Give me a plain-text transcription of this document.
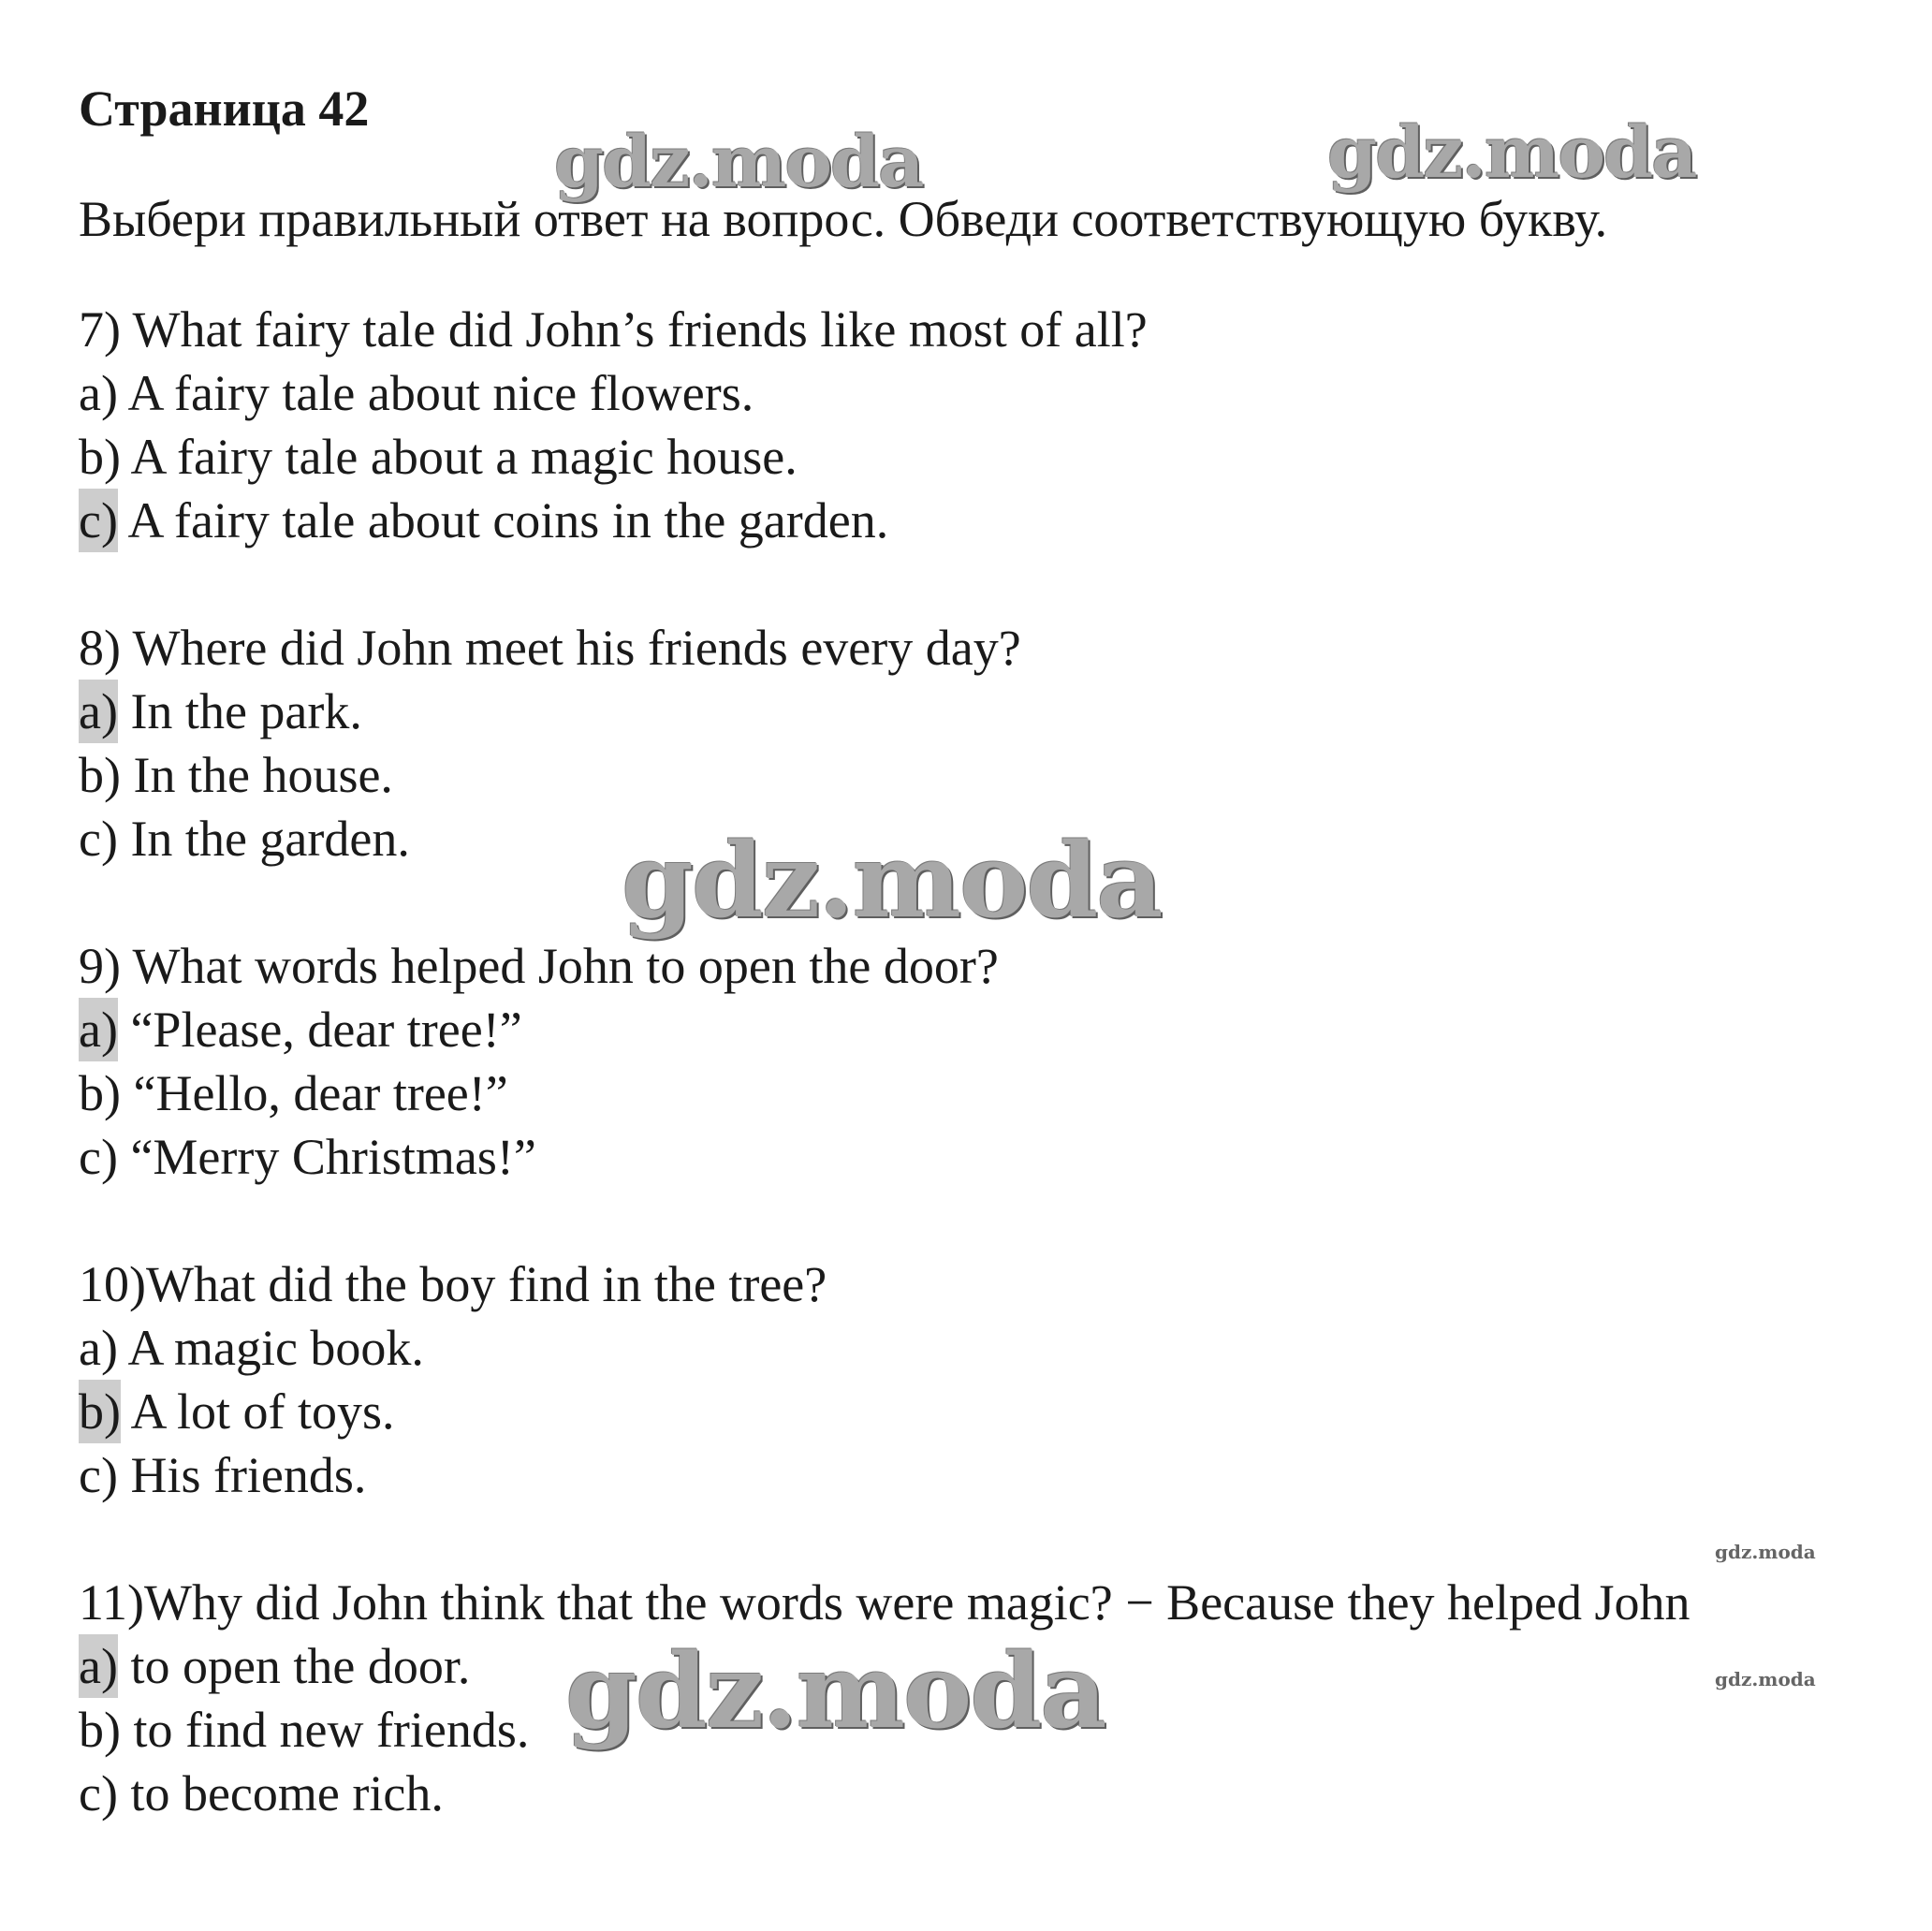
Страница 42
Выбери правильный ответ на вопрос. Обведи соответствующую букву.
7) What fairy tale did John’s friends like most of all?
a) A fairy tale about nice flowers.
b) A fairy tale about a magic house.
c) A fairy tale about coins in the garden.
8) Where did John meet his friends every day?
a) In the park.
b) In the house.
c) In the garden.
9) What words helped John to open the door?
a) “Please, dear tree!”
b) “Hello, dear tree!”
c) “Merry Christmas!”
10)What did the boy find in the tree?
a) A magic book.
b) A lot of toys.
c) His friends.
11)Why did John think that the words were magic? − Because they helped John
a) to open the door.
b) to find new friends.
c) to become rich.
gdz.moda	gdz.moda
gdz.moda
gdz.moda
gdz.moda
gdz.moda
